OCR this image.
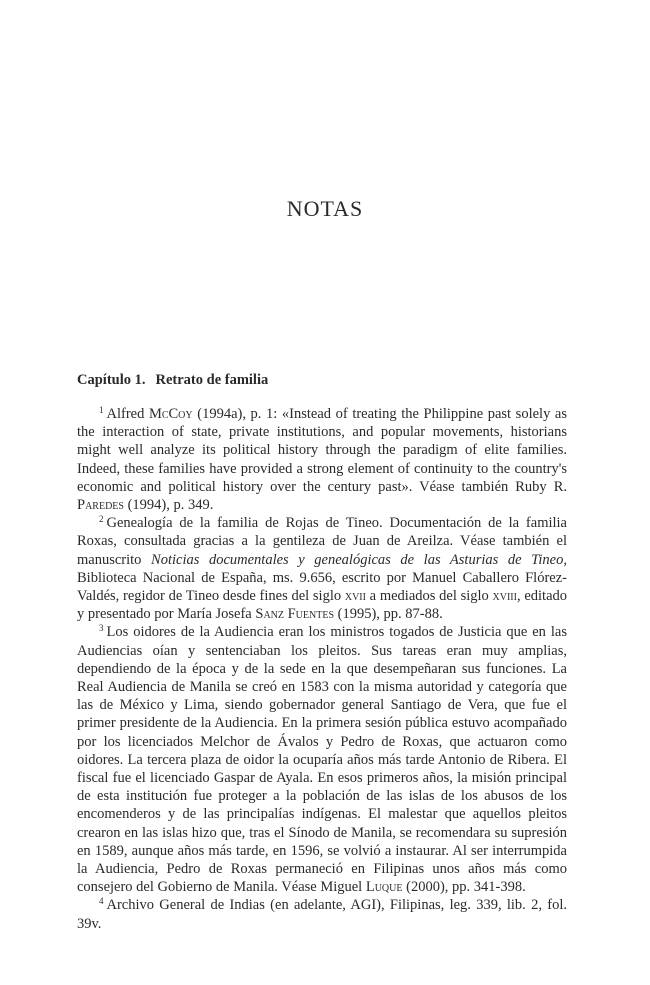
NOTAS
Capítulo 1. Retrato de familia

$^1$ Alfred McCoy (1994a), p. 1: «Instead of treating the Philippine past solely as the interaction of state, private institutions, and popular movements, historians might well analyze its political history through the paradigm of elite families. Indeed, these families have provided a strong element of continuity to the country's economic and political history over the century past». Véase también Ruby R. Paredes (1994), p. 349.

$^2$ Genealogía de la familia de Rojas de Tineo. Documentación de la familia Roxas, consultada gracias a la gentileza de Juan de Areilza. Véase también el manuscrito Noticias documentales y genealógicas de las Asturias de Tineo, Biblioteca Nacional de España, ms. 9.656, escrito por Manuel Caballero Flórez-Valdés, regidor de Tineo desde fines del siglo xvii a mediados del siglo xviii, editado y presentado por María Josefa Sanz Fuentes (1995), pp. 87-88.

$^3$ Los oidores de la Audiencia eran los ministros togados de Justicia que en las Audiencias oían y sentenciaban los pleitos. Sus tareas eran muy amplias, dependiendo de la época y de la sede en la que desempeñaran sus funciones. La Real Audiencia de Manila se creó en 1583 con la misma autoridad y categoría que las de México y Lima, siendo gobernador general Santiago de Vera, que fue el primer presidente de la Audiencia. En la primera sesión pública estuvo acompañado por los licenciados Melchor de Ávalos y Pedro de Roxas, que actuaron como oidores. La tercera plaza de oidor la ocuparía años más tarde Antonio de Ribera. El fiscal fue el licenciado Gaspar de Ayala. En esos primeros años, la misión principal de esta institución fue proteger a la población de las islas de los abusos de los encomenderos y de las principalías indígenas. El malestar que aquellos pleitos crearon en las islas hizo que, tras el Sínodo de Manila, se recomendara su supresión en 1589, aunque años más tarde, en 1596, se volvió a instaurar. Al ser interrumpida la Audiencia, Pedro de Roxas permaneció en Filipinas unos años más como consejero del Gobierno de Manila. Véase Miguel Luque (2000), pp. 341-398.

$^4$ Archivo General de Indias (en adelante, AGI), Filipinas, leg. 339, lib. 2, fol. 39v.
